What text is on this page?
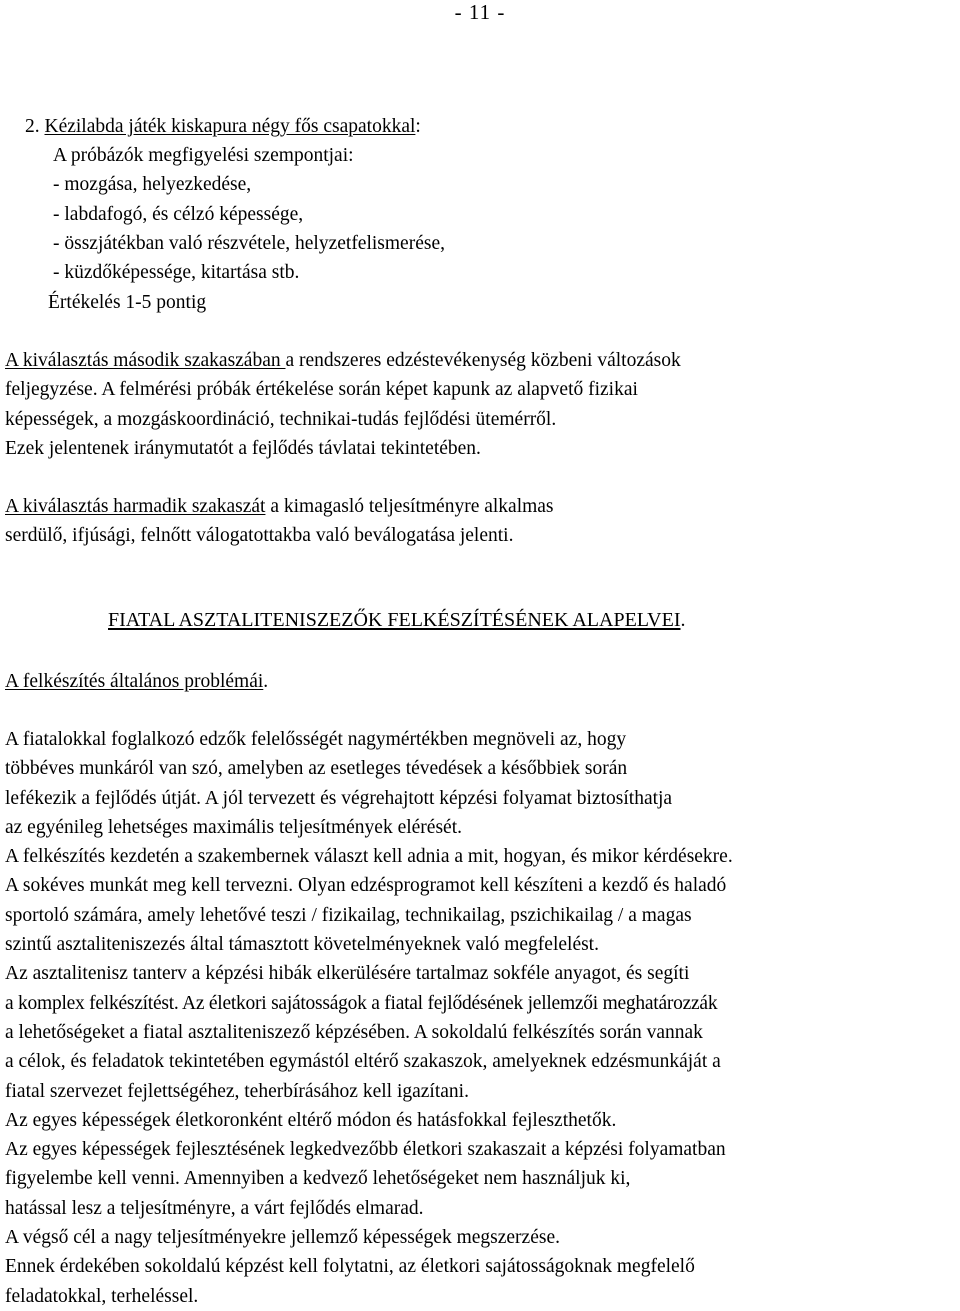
- 11 -
2. Kézilabda játék kiskapura négy fős csapatokkal:
A próbázók megfigyelési szempontjai:
- mozgása, helyezkedése,
- labdafogó, és célzó képessége,
- összjátékban való részvétele, helyzetfelismerése,
- küzdőképessége, kitartása stb.
Értékelés 1-5 pontig
A kiválasztás második szakaszában a rendszeres edzéstevékenység közbeni változások
feljegyzése. A felmérési próbák értékelése során képet kapunk az alapvető fizikai
képességek, a mozgáskoordináció, technikai-tudás fejlődési ütemérről.
Ezek jelentenek iránymutatót a fejlődés távlatai tekintetében.
A kiválasztás harmadik szakaszát a kimagasló teljesítményre alkalmas
serdülő, ifjúsági, felnőtt válogatottakba való beválogatása jelenti.
FIATAL ASZTALITENISZEZŐK FELKÉSZÍTÉSÉNEK ALAPELVEI.
A felkészítés általános problémái.
A fiatalokkal foglalkozó edzők felelősségét nagymértékben megnöveli az, hogy
többéves munkáról van szó, amelyben az esetleges tévedések a későbbiek során
lefékezik a fejlődés útját. A jól tervezett és végrehajtott képzési folyamat biztosíthatja
az egyénileg lehetséges maximális teljesítmények elérését.
A felkészítés kezdetén a szakembernek választ kell adnia a mit, hogyan, és mikor kérdésekre.
A sokéves munkát meg kell tervezni. Olyan edzésprogramot kell készíteni a kezdő és haladó
sportoló számára, amely lehetővé teszi / fizikailag, technikailag, pszichikailag / a magas
szintű asztaliteniszezés által támasztott követelményeknek való megfelelést.
Az asztalitenisz tanterv a képzési hibák elkerülésére tartalmaz sokféle anyagot, és segíti
a komplex felkészítést. Az életkori sajátosságok a fiatal fejlődésének jellemzői meghatározzák
a lehetőségeket a fiatal asztaliteniszező képzésében. A sokoldalú felkészítés során vannak
a célok, és feladatok tekintetében egymástól eltérő szakaszok, amelyeknek edzésmunkáját a
fiatal szervezet fejlettségéhez, teherbírásához kell igazítani.
Az egyes képességek életkoronként eltérő módon és hatásfokkal fejleszthetők.
Az egyes képességek fejlesztésének legkedvezőbb életkori szakaszait a képzési folyamatban
figyelembe kell venni. Amennyiben a kedvező lehetőségeket nem használjuk ki,
hatással lesz a teljesítményre, a várt fejlődés elmarad.
A végső cél a nagy teljesítményekre jellemző képességek megszerzése.
Ennek érdekében sokoldalú képzést kell folytatni, az életkori sajátosságoknak megfelelő
feladatokkal, terheléssel.
